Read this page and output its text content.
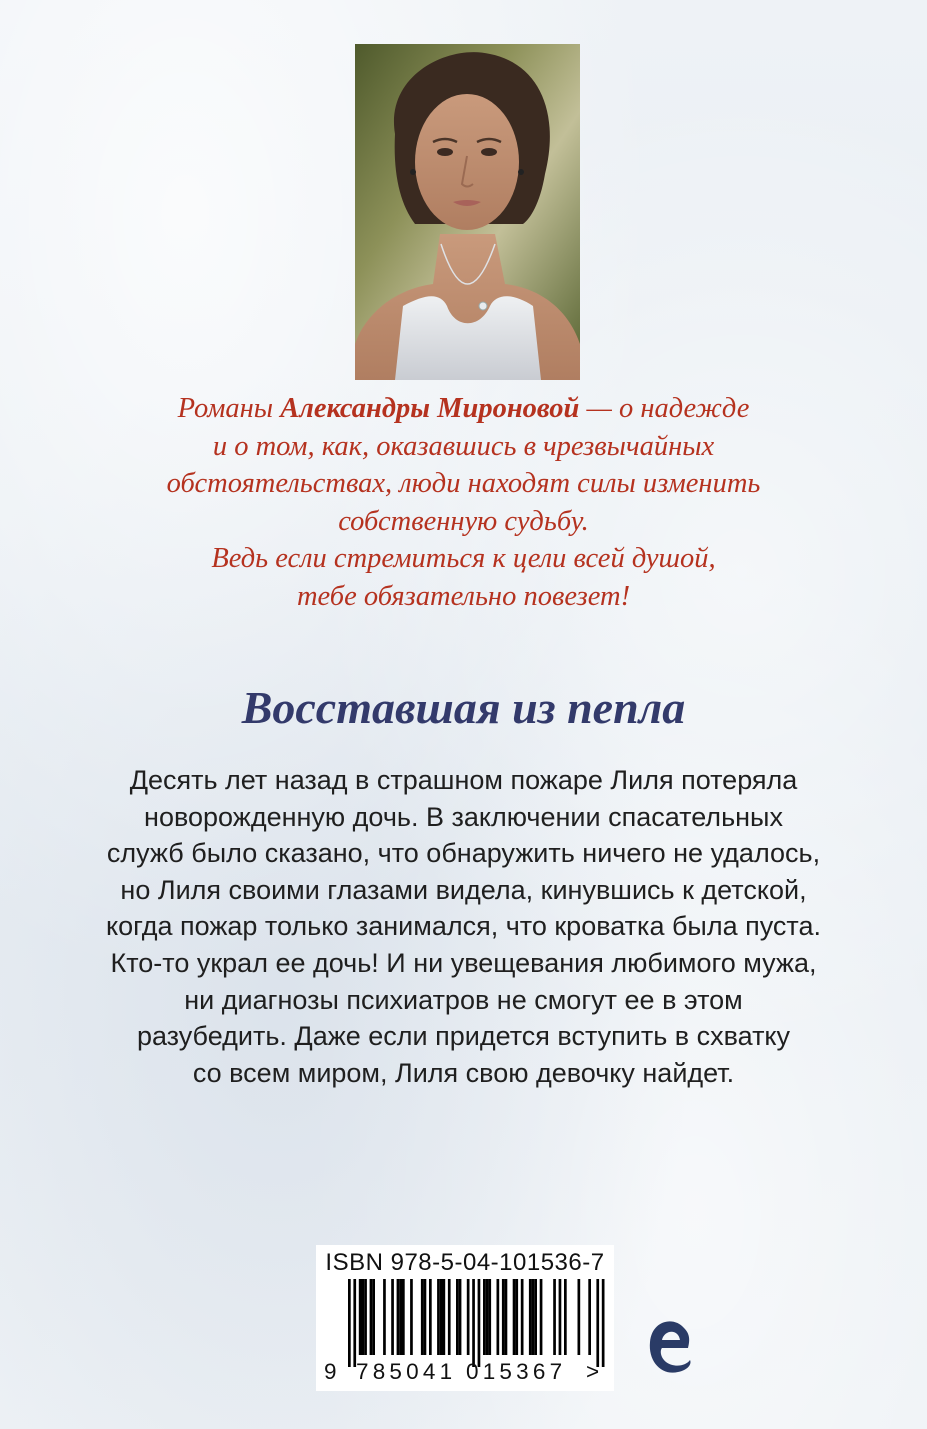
Романы Александры Мироновой — о надежде

и о том, как, оказавшись в чрезвычайных

обстоятельствах, люди находят силы изменить

собственную судьбу.

Ведь если стремиться к цели всей душой,

тебе обязательно повезет!

Восставшая из пепла

Десять лет назад в страшном пожаре Лиля потеряла

новорожденную дочь. В заключении спасательных

служб было сказано, что обнаружить ничего не удалось,

но Лиля своими глазами видела, кинувшись к детской,

когда пожар только занимался, что кроватка была пуста.

Кто-то украл ее дочь! И ни увещевания любимого мужа,

ни диагнозы психиатров не смогут ее в этом

разубедить. Даже если придется вступить в схватку

со всем миром, Лиля свою девочку найдет.

ISBN 978-5-04-101536-7
9 785041 015367 >
